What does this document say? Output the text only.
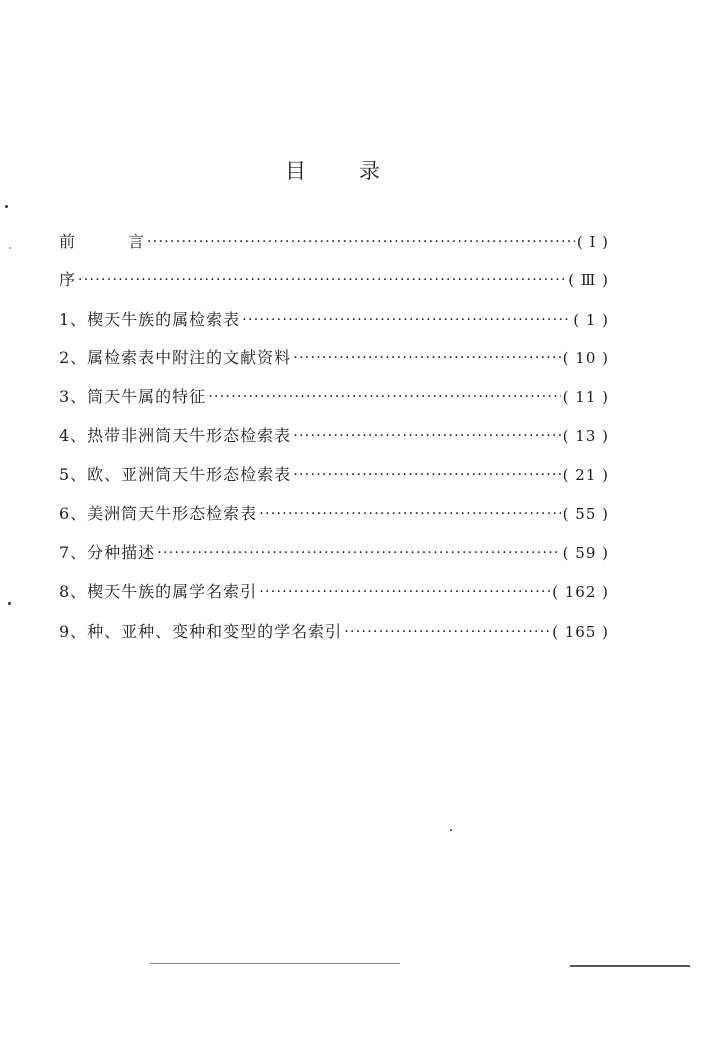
目	录
前	言 ·····	( Ⅰ )
序 ·····	( Ⅲ )
1、楔天牛族的属检索表 ·····	( 1 )
2、属检索表中附注的文献资料 ·····	( 10 )
3、筒天牛属的特征 ·····	( 11 )
4、热带非洲筒天牛形态检索表 ·····	( 13 )
5、欧、亚洲筒天牛形态检索表 ·····	( 21 )
6、美洲筒天牛形态检索表 ·····	( 55 )
7、分种描述 ·····	( 59 )
8、楔天牛族的属学名索引 ·····	( 162 )
9、种、亚种、变种和变型的学名索引 ·····	( 165 )
